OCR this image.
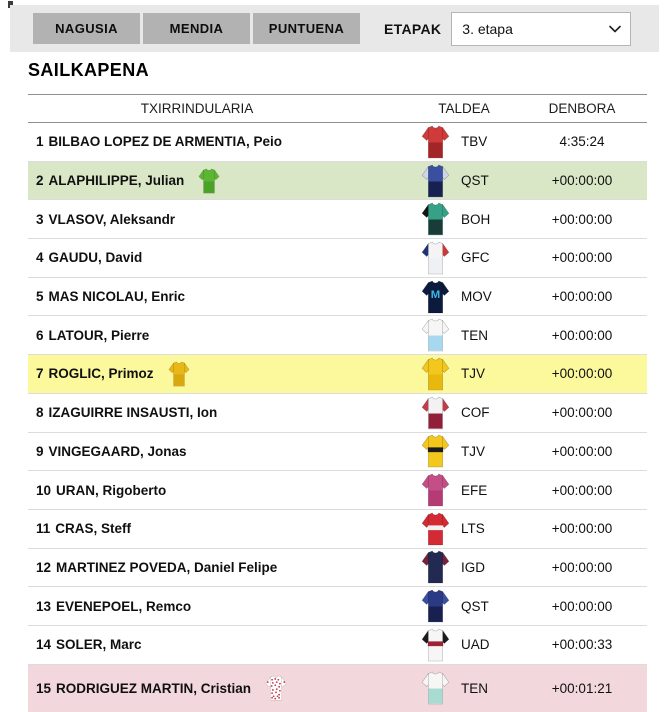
NAGUSIA	MENDIA	PUNTUENA	ETAPAK
3. etapa
SAILKAPENA
TXIRRINDULARIA	TALDEA	DENBORA
1 BILBAO LOPEZ DE ARMENTIA, Peio	TBV	4:35:24
2 ALAPHILIPPE, Julian	QST	+00:00:00
3 VLASOV, Aleksandr	BOH	+00:00:00
4 GAUDU, David	GFC	+00:00:00
5 MAS NICOLAU, Enric	M MOV	+00:00:00
6 LATOUR, Pierre	TEN	+00:00:00
7 ROGLIC, Primoz	TJV	+00:00:00
8 IZAGUIRRE INSAUSTI, Ion	COF	+00:00:00
9 VINGEGAARD, Jonas	TJV	+00:00:00
10 URAN, Rigoberto	EFE	+00:00:00
11 CRAS, Steff	LTS	+00:00:00
12 MARTINEZ POVEDA, Daniel Felipe	IGD	+00:00:00
13 EVENEPOEL, Remco	QST	+00:00:00
14 SOLER, Marc	UAD	+00:00:33
15 RODRIGUEZ MARTIN, Cristian	TEN	+00:01:21
